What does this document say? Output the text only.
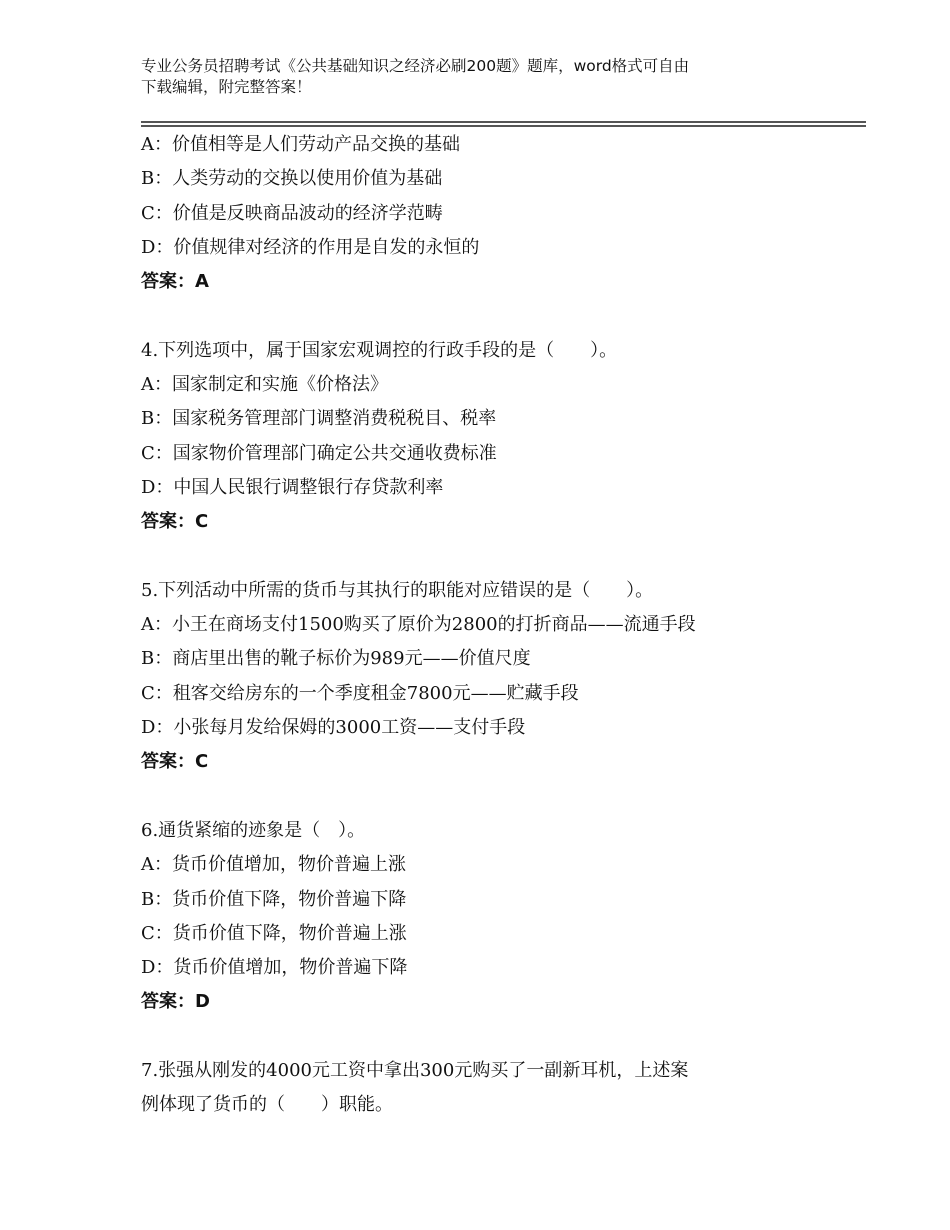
专业公务员招聘考试《公共基础知识之经济必刷200题》题库，word格式可自由
下载编辑，附完整答案！
A：价值相等是人们劳动产品交换的基础
B：人类劳动的交换以使用价值为基础
C：价值是反映商品波动的经济学范畴
D：价值规律对经济的作用是自发的永恒的
答案：A
4.下列选项中，属于国家宏观调控的行政手段的是（　　）。
A：国家制定和实施《价格法》
B：国家税务管理部门调整消费税税目、税率
C：国家物价管理部门确定公共交通收费标准
D：中国人民银行调整银行存贷款利率
答案：C
5.下列活动中所需的货币与其执行的职能对应错误的是（　　）。
A：小王在商场支付1500购买了原价为2800的打折商品——流通手段
B：商店里出售的靴子标价为989元——价值尺度
C：租客交给房东的一个季度租金7800元——贮藏手段
D：小张每月发给保姆的3000工资——支付手段
答案：C
6.通货紧缩的迹象是（　）。
A：货币价值增加，物价普遍上涨
B：货币价值下降，物价普遍下降
C：货币价值下降，物价普遍上涨
D：货币价值增加，物价普遍下降
答案：D
7.张强从刚发的4000元工资中拿出300元购买了一副新耳机，上述案
例体现了货币的（　　）职能。
